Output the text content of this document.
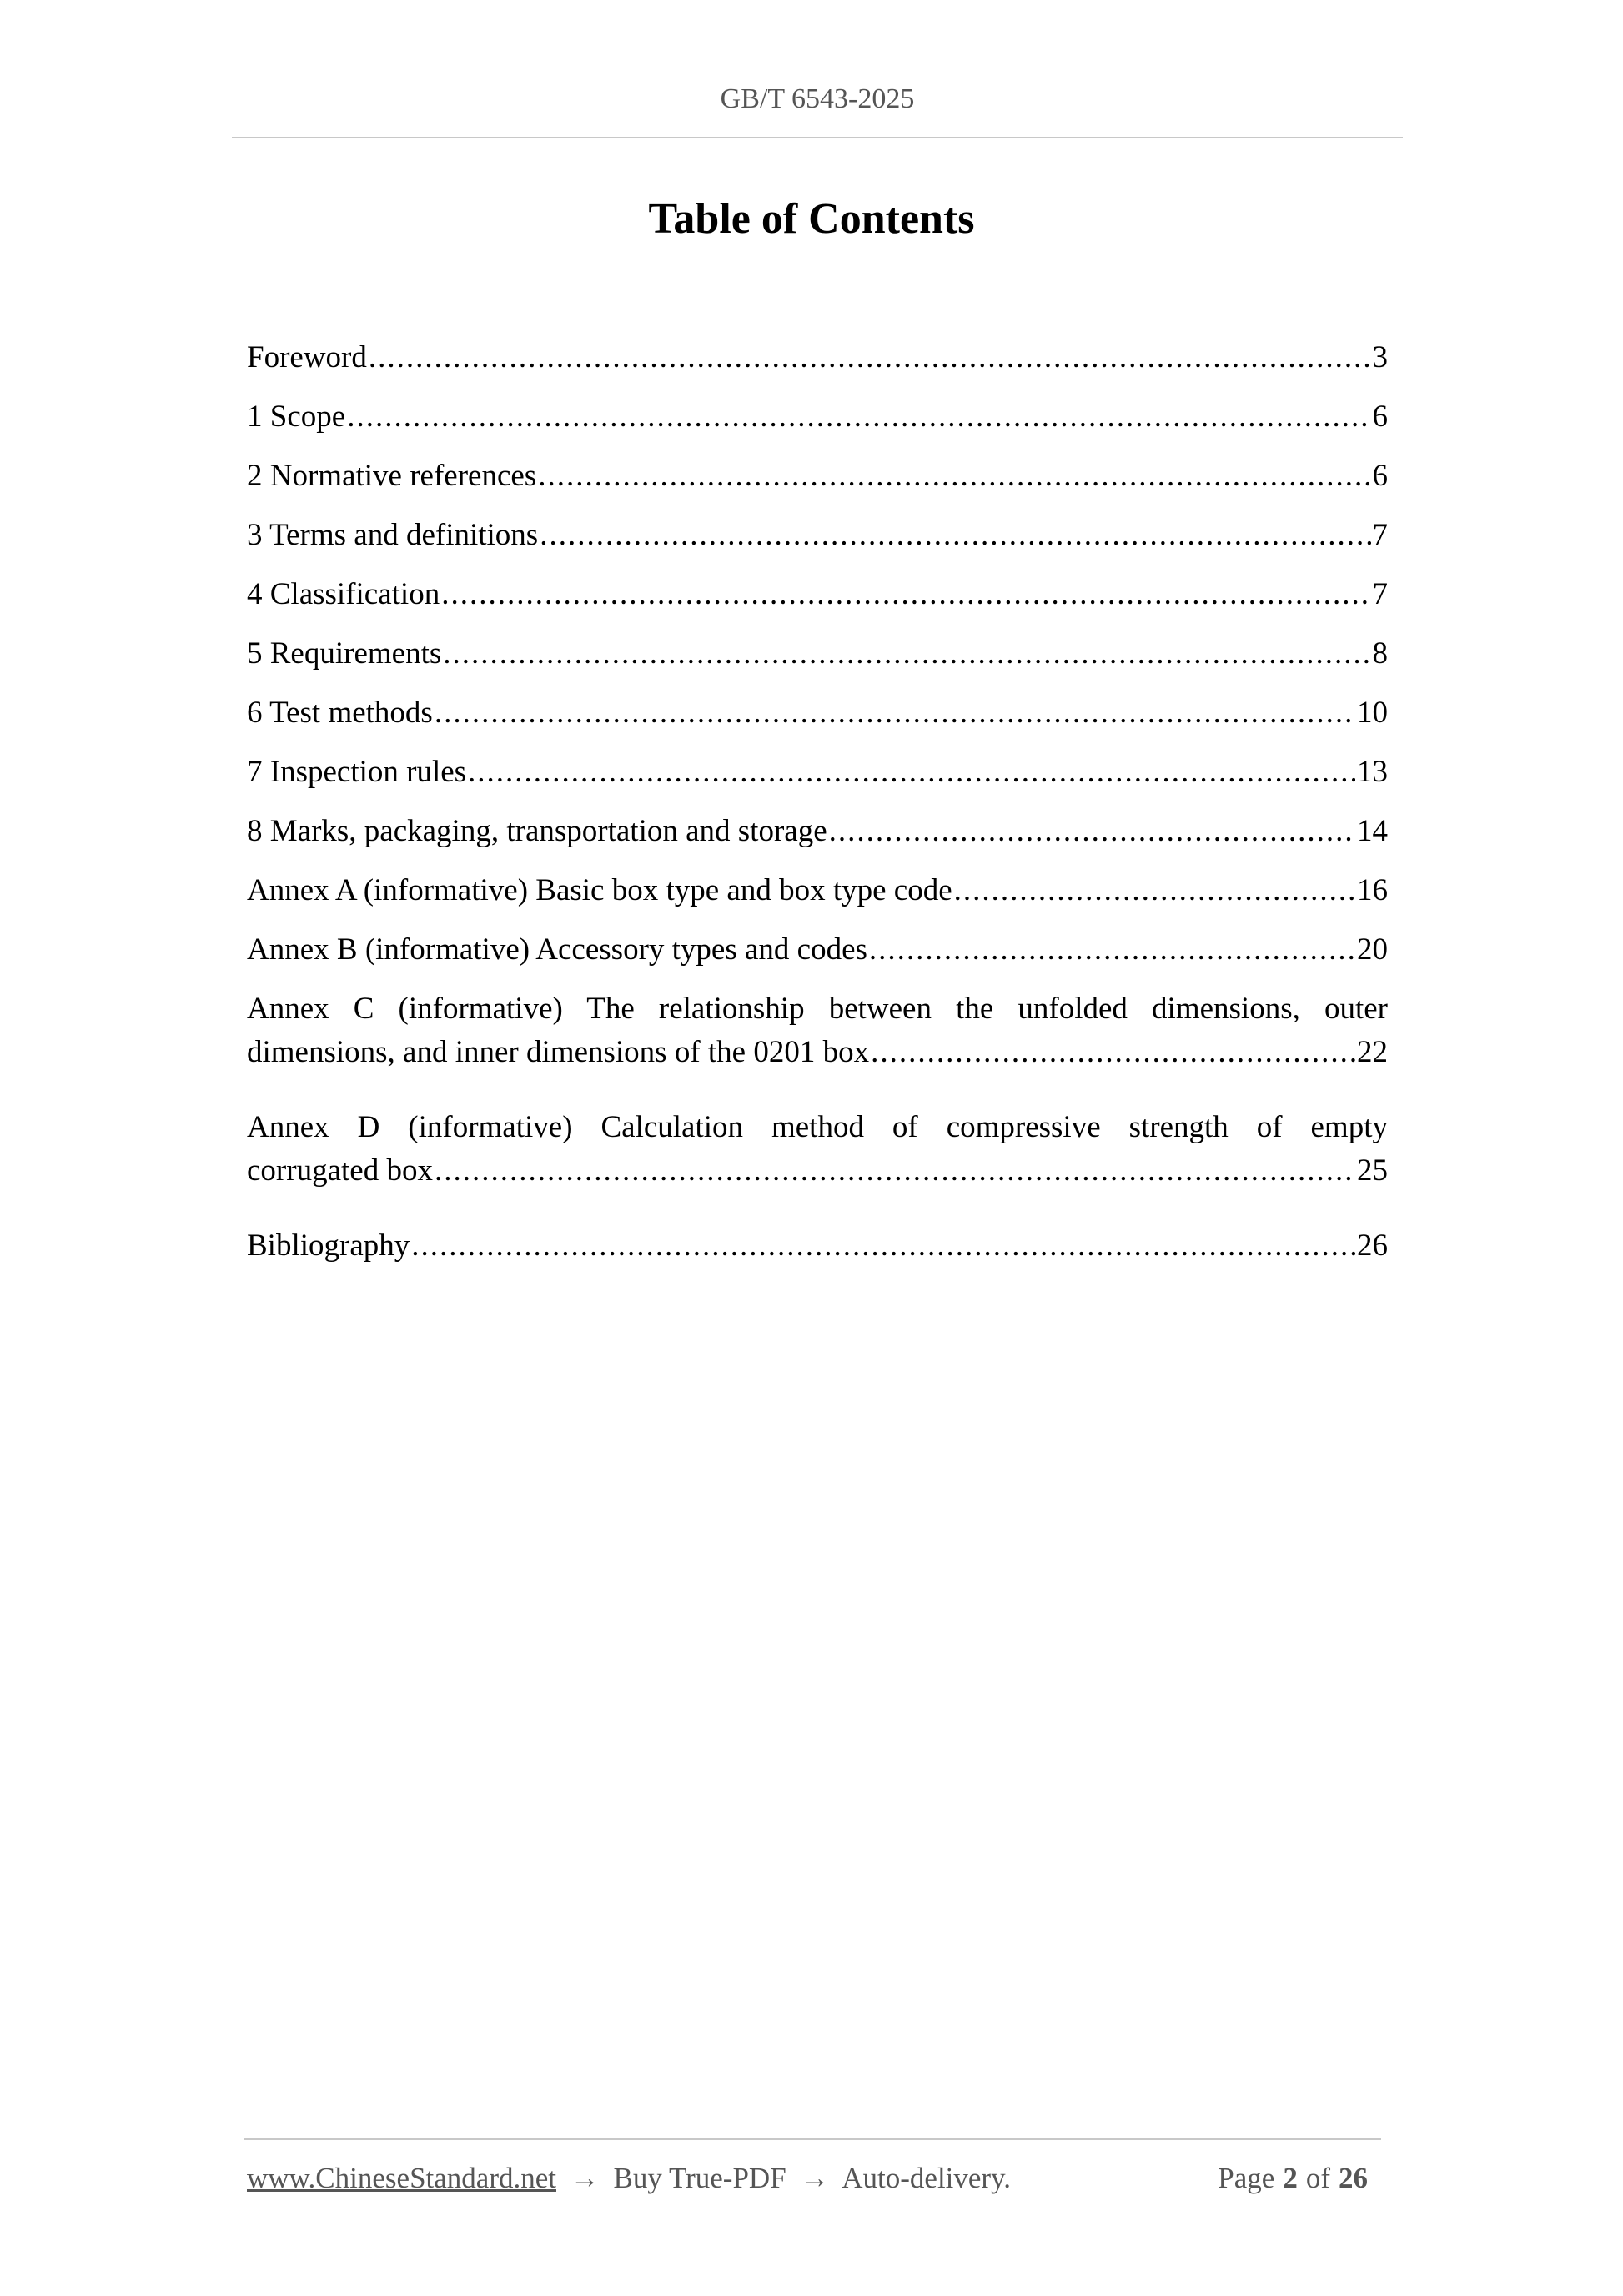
GB/T 6543-2025
Table of Contents
Foreword .....	3
1 Scope .....	6
2 Normative references .....	6
3 Terms and definitions .....	7
4 Classification .....	7
5 Requirements .....	8
6 Test methods .....	10
7 Inspection rules .....	13
8 Marks, packaging, transportation and storage .....	14
Annex A (informative) Basic box type and box type code .....	16
Annex B (informative) Accessory types and codes .....	20
Annex C (informative) The relationship between the unfolded dimensions, outer
dimensions, and inner dimensions of the 0201 box .....	22
Annex D (informative) Calculation method of compressive strength of empty
corrugated box .....	25
Bibliography .....	26
www.ChineseStandard.net → Buy True-PDF → Auto-delivery.	Page 2 of 26
